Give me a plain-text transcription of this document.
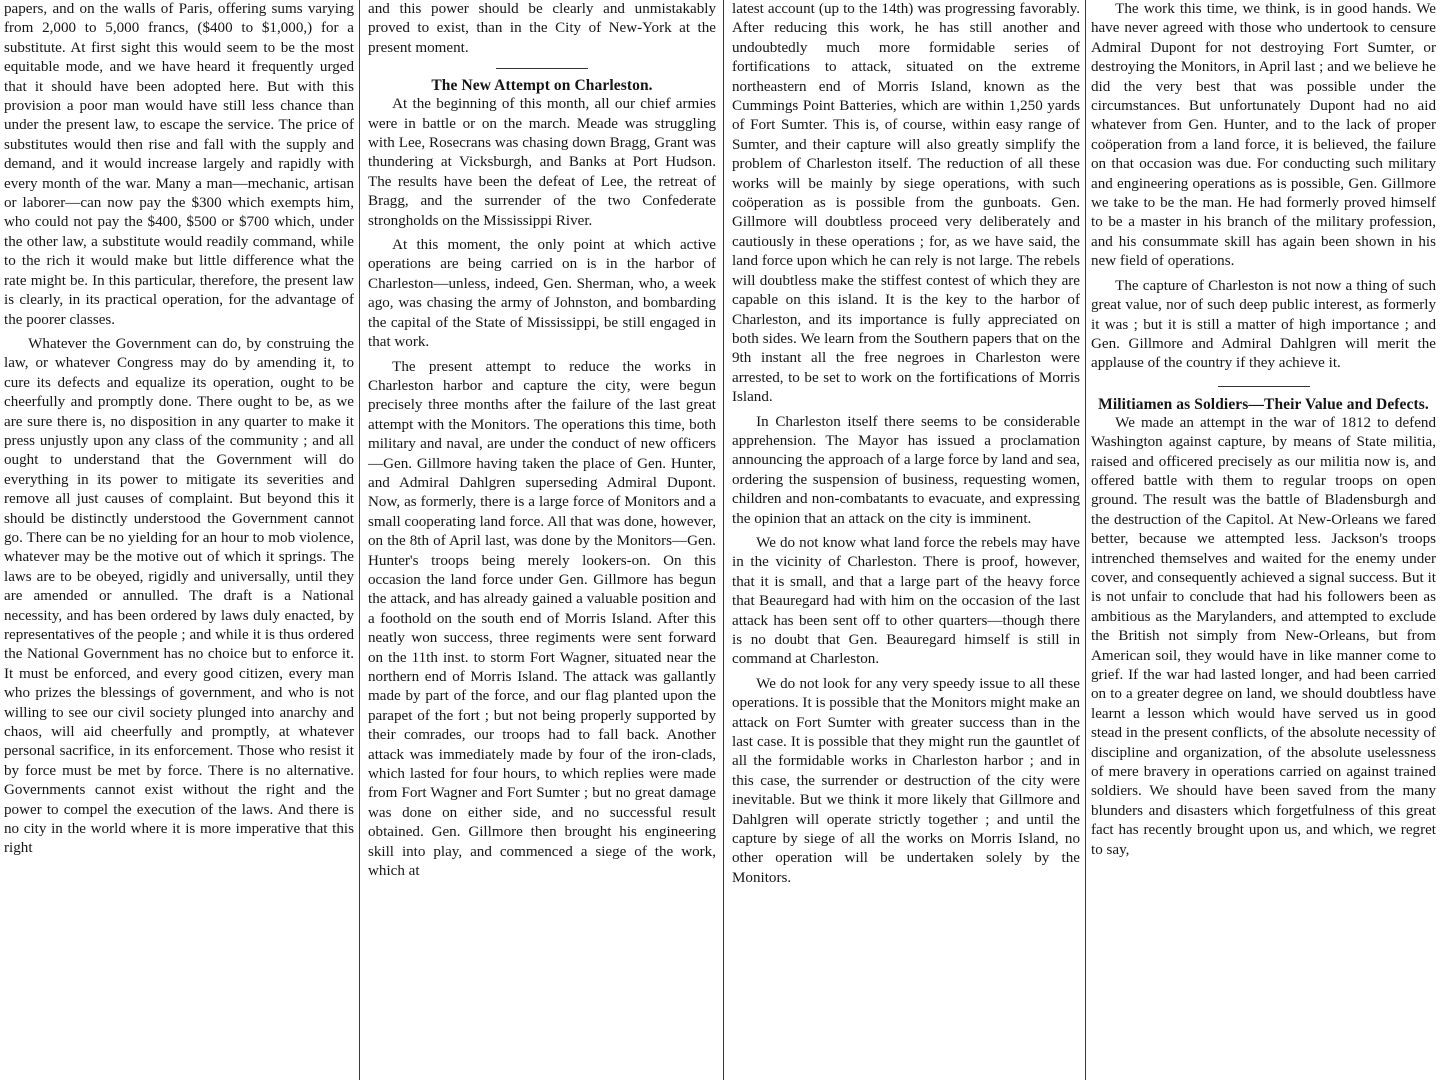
papers, and on the walls of Paris, offering sums varying from 2,000 to 5,000 francs, ($400 to $1,000,) for a substitute. At first sight this would seem to be the most equitable mode, and we have heard it frequently urged that it should have been adopted here. But with this provision a poor man would have still less chance than under the present law, to escape the service. The price of substitutes would then rise and fall with the supply and demand, and it would increase largely and rapidly with every month of the war. Many a man—mechanic, artisan or laborer—can now pay the $300 which exempts him, who could not pay the $400, $500 or $700 which, under the other law, a substitute would readily command, while to the rich it would make but little difference what the rate might be. In this particular, therefore, the present law is clearly, in its practical operation, for the advantage of the poorer classes.

Whatever the Government can do, by construing the law, or whatever Congress may do by amending it, to cure its defects and equalize its operation, ought to be cheerfully and promptly done. There ought to be, as we are sure there is, no disposition in any quarter to make it press unjustly upon any class of the community ; and all ought to understand that the Government will do everything in its power to mitigate its severities and remove all just causes of complaint. But beyond this it should be distinctly understood the Government cannot go. There can be no yielding for an hour to mob violence, whatever may be the motive out of which it springs. The laws are to be obeyed, rigidly and universally, until they are amended or annulled. The draft is a National necessity, and has been ordered by laws duly enacted, by representatives of the people ; and while it is thus ordered the National Government has no choice but to enforce it. It must be enforced, and every good citizen, every man who prizes the blessings of government, and who is not willing to see our civil society plunged into anarchy and chaos, will aid cheerfully and promptly, at whatever personal sacrifice, in its enforcement. Those who resist it by force must be met by force. There is no alternative. Governments cannot exist without the right and the power to compel the execution of the laws. And there is no city in the world where it is more imperative that this right

and this power should be clearly and unmistakably proved to exist, than in the City of New-York at the present moment.

The New Attempt on Charleston.

At the beginning of this month, all our chief armies were in battle or on the march. Meade was struggling with Lee, Rosecrans was chasing down Bragg, Grant was thundering at Vicksburgh, and Banks at Port Hudson. The results have been the defeat of Lee, the retreat of Bragg, and the surrender of the two Confederate strongholds on the Mississippi River.

At this moment, the only point at which active operations are being carried on is in the harbor of Charleston—unless, indeed, Gen. Sherman, who, a week ago, was chasing the army of Johnston, and bombarding the capital of the State of Mississippi, be still engaged in that work.

The present attempt to reduce the works in Charleston harbor and capture the city, were begun precisely three months after the failure of the last great attempt with the Monitors. The operations this time, both military and naval, are under the conduct of new officers—Gen. Gillmore having taken the place of Gen. Hunter, and Admiral Dahlgren superseding Admiral Dupont. Now, as formerly, there is a large force of Monitors and a small cooperating land force. All that was done, however, on the 8th of April last, was done by the Monitors—Gen. Hunter's troops being merely lookers-on. On this occasion the land force under Gen. Gillmore has begun the attack, and has already gained a valuable position and a foothold on the south end of Morris Island. After this neatly won success, three regiments were sent forward on the 11th inst. to storm Fort Wagner, situated near the northern end of Morris Island. The attack was gallantly made by part of the force, and our flag planted upon the parapet of the fort ; but not being properly supported by their comrades, our troops had to fall back. Another attack was immediately made by four of the iron-clads, which lasted for four hours, to which replies were made from Fort Wagner and Fort Sumter ; but no great damage was done on either side, and no successful result obtained. Gen. Gillmore then brought his engineering skill into play, and commenced a siege of the work, which at

latest account (up to the 14th) was progressing favorably. After reducing this work, he has still another and undoubtedly much more formidable series of fortifications to attack, situated on the extreme northeastern end of Morris Island, known as the Cummings Point Batteries, which are within 1,250 yards of Fort Sumter. This is, of course, within easy range of Sumter, and their capture will also greatly simplify the problem of Charleston itself. The reduction of all these works will be mainly by siege operations, with such coöperation as is possible from the gunboats. Gen. Gillmore will doubtless proceed very deliberately and cautiously in these operations ; for, as we have said, the land force upon which he can rely is not large. The rebels will doubtless make the stiffest contest of which they are capable on this island. It is the key to the harbor of Charleston, and its importance is fully appreciated on both sides. We learn from the Southern papers that on the 9th instant all the free negroes in Charleston were arrested, to be set to work on the fortifications of Morris Island.

In Charleston itself there seems to be considerable apprehension. The Mayor has issued a proclamation announcing the approach of a large force by land and sea, ordering the suspension of business, requesting women, children and non-combatants to evacuate, and expressing the opinion that an attack on the city is imminent.

We do not know what land force the rebels may have in the vicinity of Charleston. There is proof, however, that it is small, and that a large part of the heavy force that Beauregard had with him on the occasion of the last attack has been sent off to other quarters—though there is no doubt that Gen. Beauregard himself is still in command at Charleston.

We do not look for any very speedy issue to all these operations. It is possible that the Monitors might make an attack on Fort Sumter with greater success than in the last case. It is possible that they might run the gauntlet of all the formidable works in Charleston harbor ; and in this case, the surrender or destruction of the city were inevitable. But we think it more likely that Gillmore and Dahlgren will operate strictly together ; and until the capture by siege of all the works on Morris Island, no other operation will be undertaken solely by the Monitors.

The work this time, we think, is in good hands. We have never agreed with those who undertook to censure Admiral Dupont for not destroying Fort Sumter, or destroying the Monitors, in April last ; and we believe he did the very best that was possible under the circumstances. But unfortunately Dupont had no aid whatever from Gen. Hunter, and to the lack of proper coöperation from a land force, it is believed, the failure on that occasion was due. For conducting such military and engineering operations as is possible, Gen. Gillmore we take to be the man. He had formerly proved himself to be a master in his branch of the military profession, and his consummate skill has again been shown in his new field of operations.

The capture of Charleston is not now a thing of such great value, nor of such deep public interest, as formerly it was ; but it is still a matter of high importance ; and Gen. Gillmore and Admiral Dahlgren will merit the applause of the country if they achieve it.

Militiamen as Soldiers—Their Value and Defects.

We made an attempt in the war of 1812 to defend Washington against capture, by means of State militia, raised and officered precisely as our militia now is, and offered battle with them to regular troops on open ground. The result was the battle of Bladensburgh and the destruction of the Capitol. At New-Orleans we fared better, because we attempted less. Jackson's troops intrenched themselves and waited for the enemy under cover, and consequently achieved a signal success. But it is not unfair to conclude that had his followers been as ambitious as the Marylanders, and attempted to exclude the British not simply from New-Orleans, but from American soil, they would have in like manner come to grief. If the war had lasted longer, and had been carried on to a greater degree on land, we should doubtless have learnt a lesson which would have served us in good stead in the present conflicts, of the absolute necessity of discipline and organization, of the absolute uselessness of mere bravery in operations carried on against trained soldiers. We should have been saved from the many blunders and disasters which forgetfulness of this great fact has recently brought upon us, and which, we regret to say,
